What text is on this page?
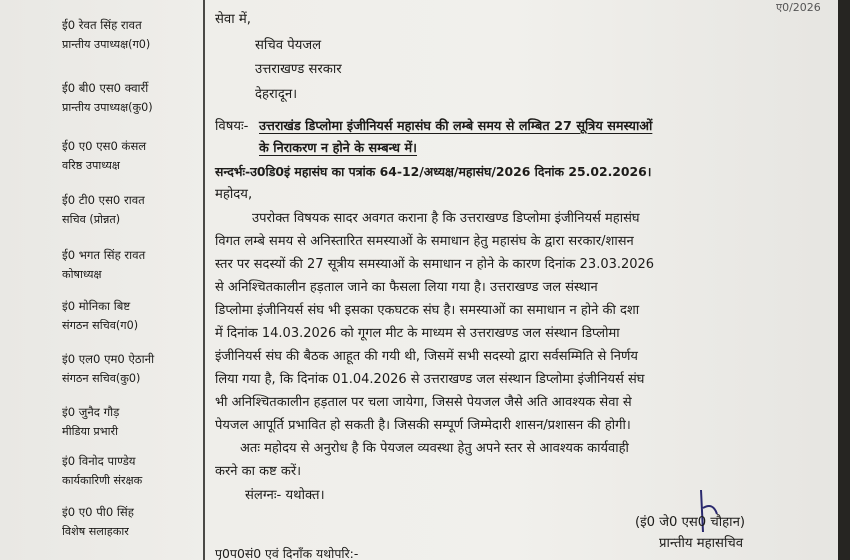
ए0/2026
ई0 रेवत सिंह रावत
प्रान्तीय उपाध्यक्ष(ग0)
ई0 बी0 एस0 क्वार्री
प्रान्तीय उपाध्यक्ष(कु0)
ई0 ए0 एस0 कंसल
वरिष्ठ उपाध्यक्ष
ई0 टी0 एस0 रावत
सचिव (प्रोन्नत)
ई0 भगत सिंह रावत
कोषाध्यक्ष
इं0 मोनिका बिष्ट
संगठन सचिव(ग0)
इं0 एल0 एम0 ऐठानी
संगठन सचिव(कु0)
इं0 जुनैद गौड़
मीडिया प्रभारी
इं0 विनोद पाण्डेय
कार्यकारिणी संरक्षक
इं0 ए0 पी0 सिंह
विशेष सलाहकार
सेवा में,
सचिव पेयजल
उत्तराखण्ड सरकार
देहरादून।
विषयः- उत्तराखंड डिप्लोमा इंजीनियर्स महासंघ की लम्बे समय से लम्बित 27 सूत्रिय समस्याओं
के निराकरण न होने के सम्बन्ध में।
सन्दर्भः-उ0डि0इं महासंघ का पत्रांक 64-12/अध्यक्ष/महासंघ/2026 दिनांक 25.02.2026।
महोदय,
उपरोक्त विषयक सादर अवगत कराना है कि उत्तराखण्ड डिप्लोमा इंजीनियर्स महासंघ
विगत लम्बे समय से अनिस्तारित समस्याओं के समाधान हेतु महासंघ के द्वारा सरकार/शासन
स्तर पर सदस्यों की 27 सूत्रीय समस्याओं के समाधान न होने के कारण दिनांक 23.03.2026
से अनिश्चितकालीन हड़ताल जाने का फैसला लिया गया है। उत्तराखण्ड जल संस्थान
डिप्लोमा इंजीनियर्स संघ भी इसका एकघटक संघ है। समस्याओं का समाधान न होने की दशा
में दिनांक 14.03.2026 को गूगल मीट के माध्यम से उत्तराखण्ड जल संस्थान डिप्लोमा
इंजीनियर्स संघ की बैठक आहूत की गयी थी, जिसमें सभी सदस्यो द्वारा सर्वसम्मिति से निर्णय
लिया गया है, कि दिनांक 01.04.2026 से उत्तराखण्ड जल संस्थान डिप्लोमा इंजीनियर्स संघ
भी अनिश्चितकालीन हड़ताल पर चला जायेगा, जिससे पेयजल जैसे अति आवश्यक सेवा से
पेयजल आपूर्ति प्रभावित हो सकती है। जिसकी सम्पूर्ण जिम्मेदारी शासन/प्रशासन की होगी।
अतः महोदय से अनुरोध है कि पेयजल व्यवस्था हेतु अपने स्तर से आवश्यक कार्यवाही
करने का कष्ट करें।
संलग्नः- यथोक्त।
(इं0 जे0 एस0 चौहान)
प्रान्तीय महासचिव
पृ0प0सं0 एवं दिनाँक यथोपरि:-
